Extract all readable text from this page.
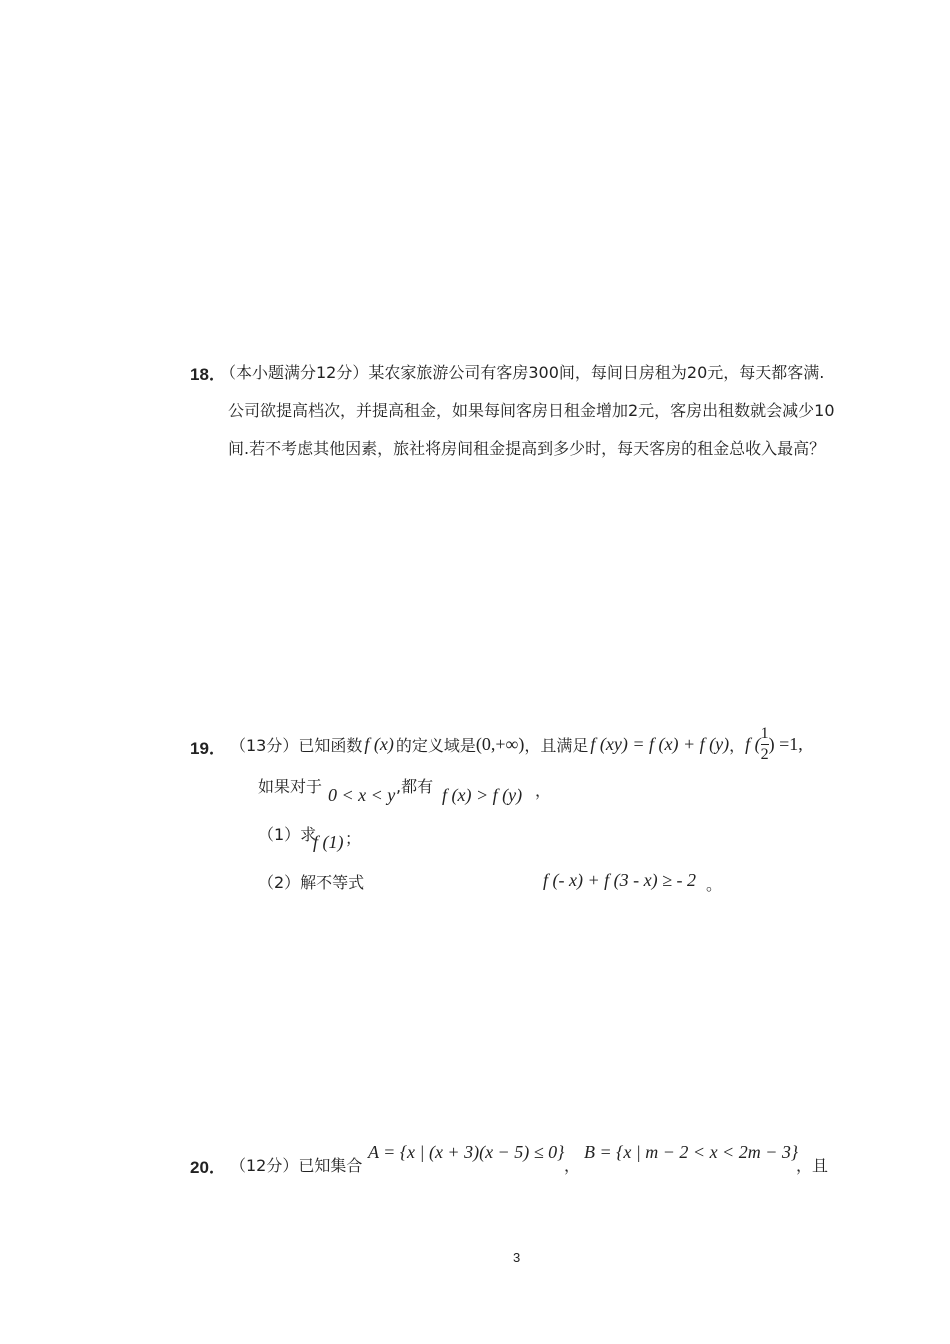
18．
（本小题满分12分）某农家旅游公司有客房300间，每间日房租为20元，每天都客满.
公司欲提高档次，并提高租金，如果每间客房日租金增加2元，客房出租数就会减少10
间.若不考虑其他因素，旅社将房间租金提高到多少时，每天客房的租金总收入最高？
19． （13分）已知函数 f (x) 的定义域是 (0,+∞) ，且满足 f (xy) = f (x) + f (y) ， f ( $\frac{1}{2}$ ) =1,
如果对于 0 < x < y ,都有 f (x) > f (y) ，
（1）求
f (1) ；
（2）解不等式	f (- x) + f (3 - x) ≥ - 2 。
20． （12分）已知集合
A = {x | (x + 3)(x − 5) ≤ 0}
，
B = {x | m − 2 < x < 2m − 3}
，且
3
